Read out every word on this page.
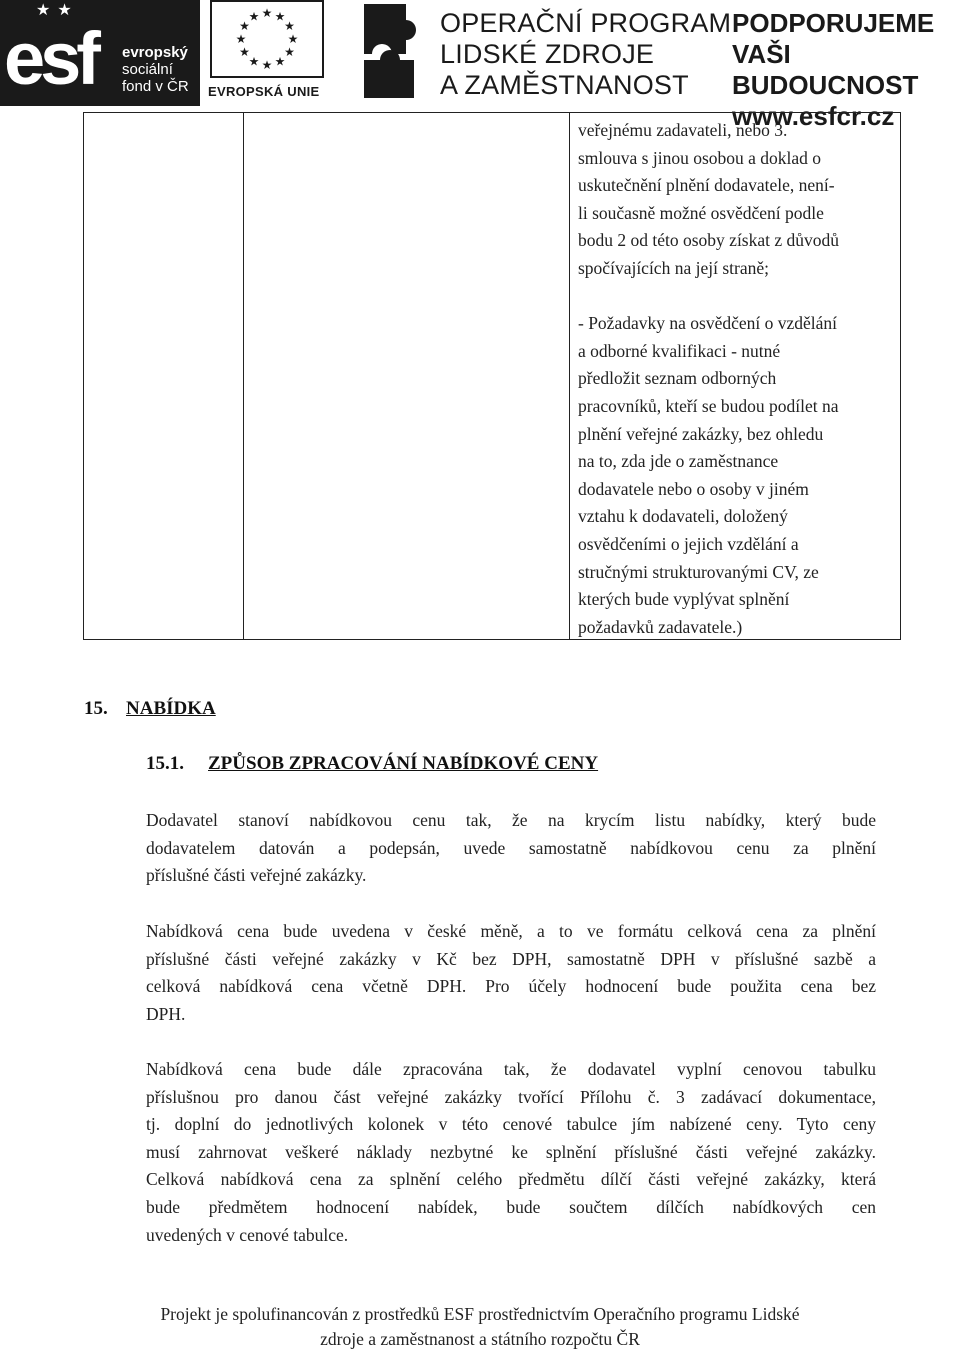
★ ★
esf evropský
sociální
fond v ČR
★ ★
★
★
★
★
★
★
★
★
★
★
EVROPSKÁ UNIE
OPERAČNÍ PROGRAM
LIDSKÉ ZDROJE
A ZAMĚSTNANOST
PODPORUJEME
VAŠI BUDOUCNOST
www.esfcr.cz

veřejnému zadavateli, nebo 3.

smlouva s jinou osobou a doklad o

uskutečnění plnění dodavatele, není-

li současně možné osvědčení podle

bodu 2 od této osoby získat z důvodů

spočívajících na její straně;

- Požadavky na osvědčení o vzdělání

a odborné kvalifikaci - nutné

předložit seznam odborných

pracovníků, kteří se budou podílet na

plnění veřejné zakázky, bez ohledu

na to, zda jde o zaměstnance

dodavatele nebo o osoby v jiném

vztahu k dodavateli, doložený

osvědčeními o jejich vzdělání a

stručnými strukturovanými CV, ze

kterých bude vyplývat splnění

požadavků zadavatele.)

15. NABÍDKA
15.1. ZPŮSOB ZPRACOVÁNÍ NABÍDKOVÉ CENY
Dodavatel stanoví nabídkovou cenu tak, že na krycím listu nabídky, který bude
dodavatelem datován a podepsán, uvede samostatně nabídkovou cenu za plnění
příslušné části veřejné zakázky.
Nabídková cena bude uvedena v české měně, a to ve formátu celková cena za plnění
příslušné části veřejné zakázky v Kč bez DPH, samostatně DPH v příslušné sazbě a
celková nabídková cena včetně DPH. Pro účely hodnocení bude použita cena bez
DPH.
Nabídková cena bude dále zpracována tak, že dodavatel vyplní cenovou tabulku
příslušnou pro danou část veřejné zakázky tvořící Přílohu č. 3 zadávací dokumentace,
tj. doplní do jednotlivých kolonek v této cenové tabulce jím nabízené ceny. Tyto ceny
musí zahrnovat veškeré náklady nezbytné ke splnění příslušné části veřejné zakázky.
Celková nabídková cena za splnění celého předmětu dílčí části veřejné zakázky, která
bude předmětem hodnocení nabídek, bude součtem dílčích nabídkových cen
uvedených v cenové tabulce.
Projekt je spolufinancován z prostředků ESF prostřednictvím Operačního programu Lidské
zdroje a zaměstnanost a státního rozpočtu ČR
